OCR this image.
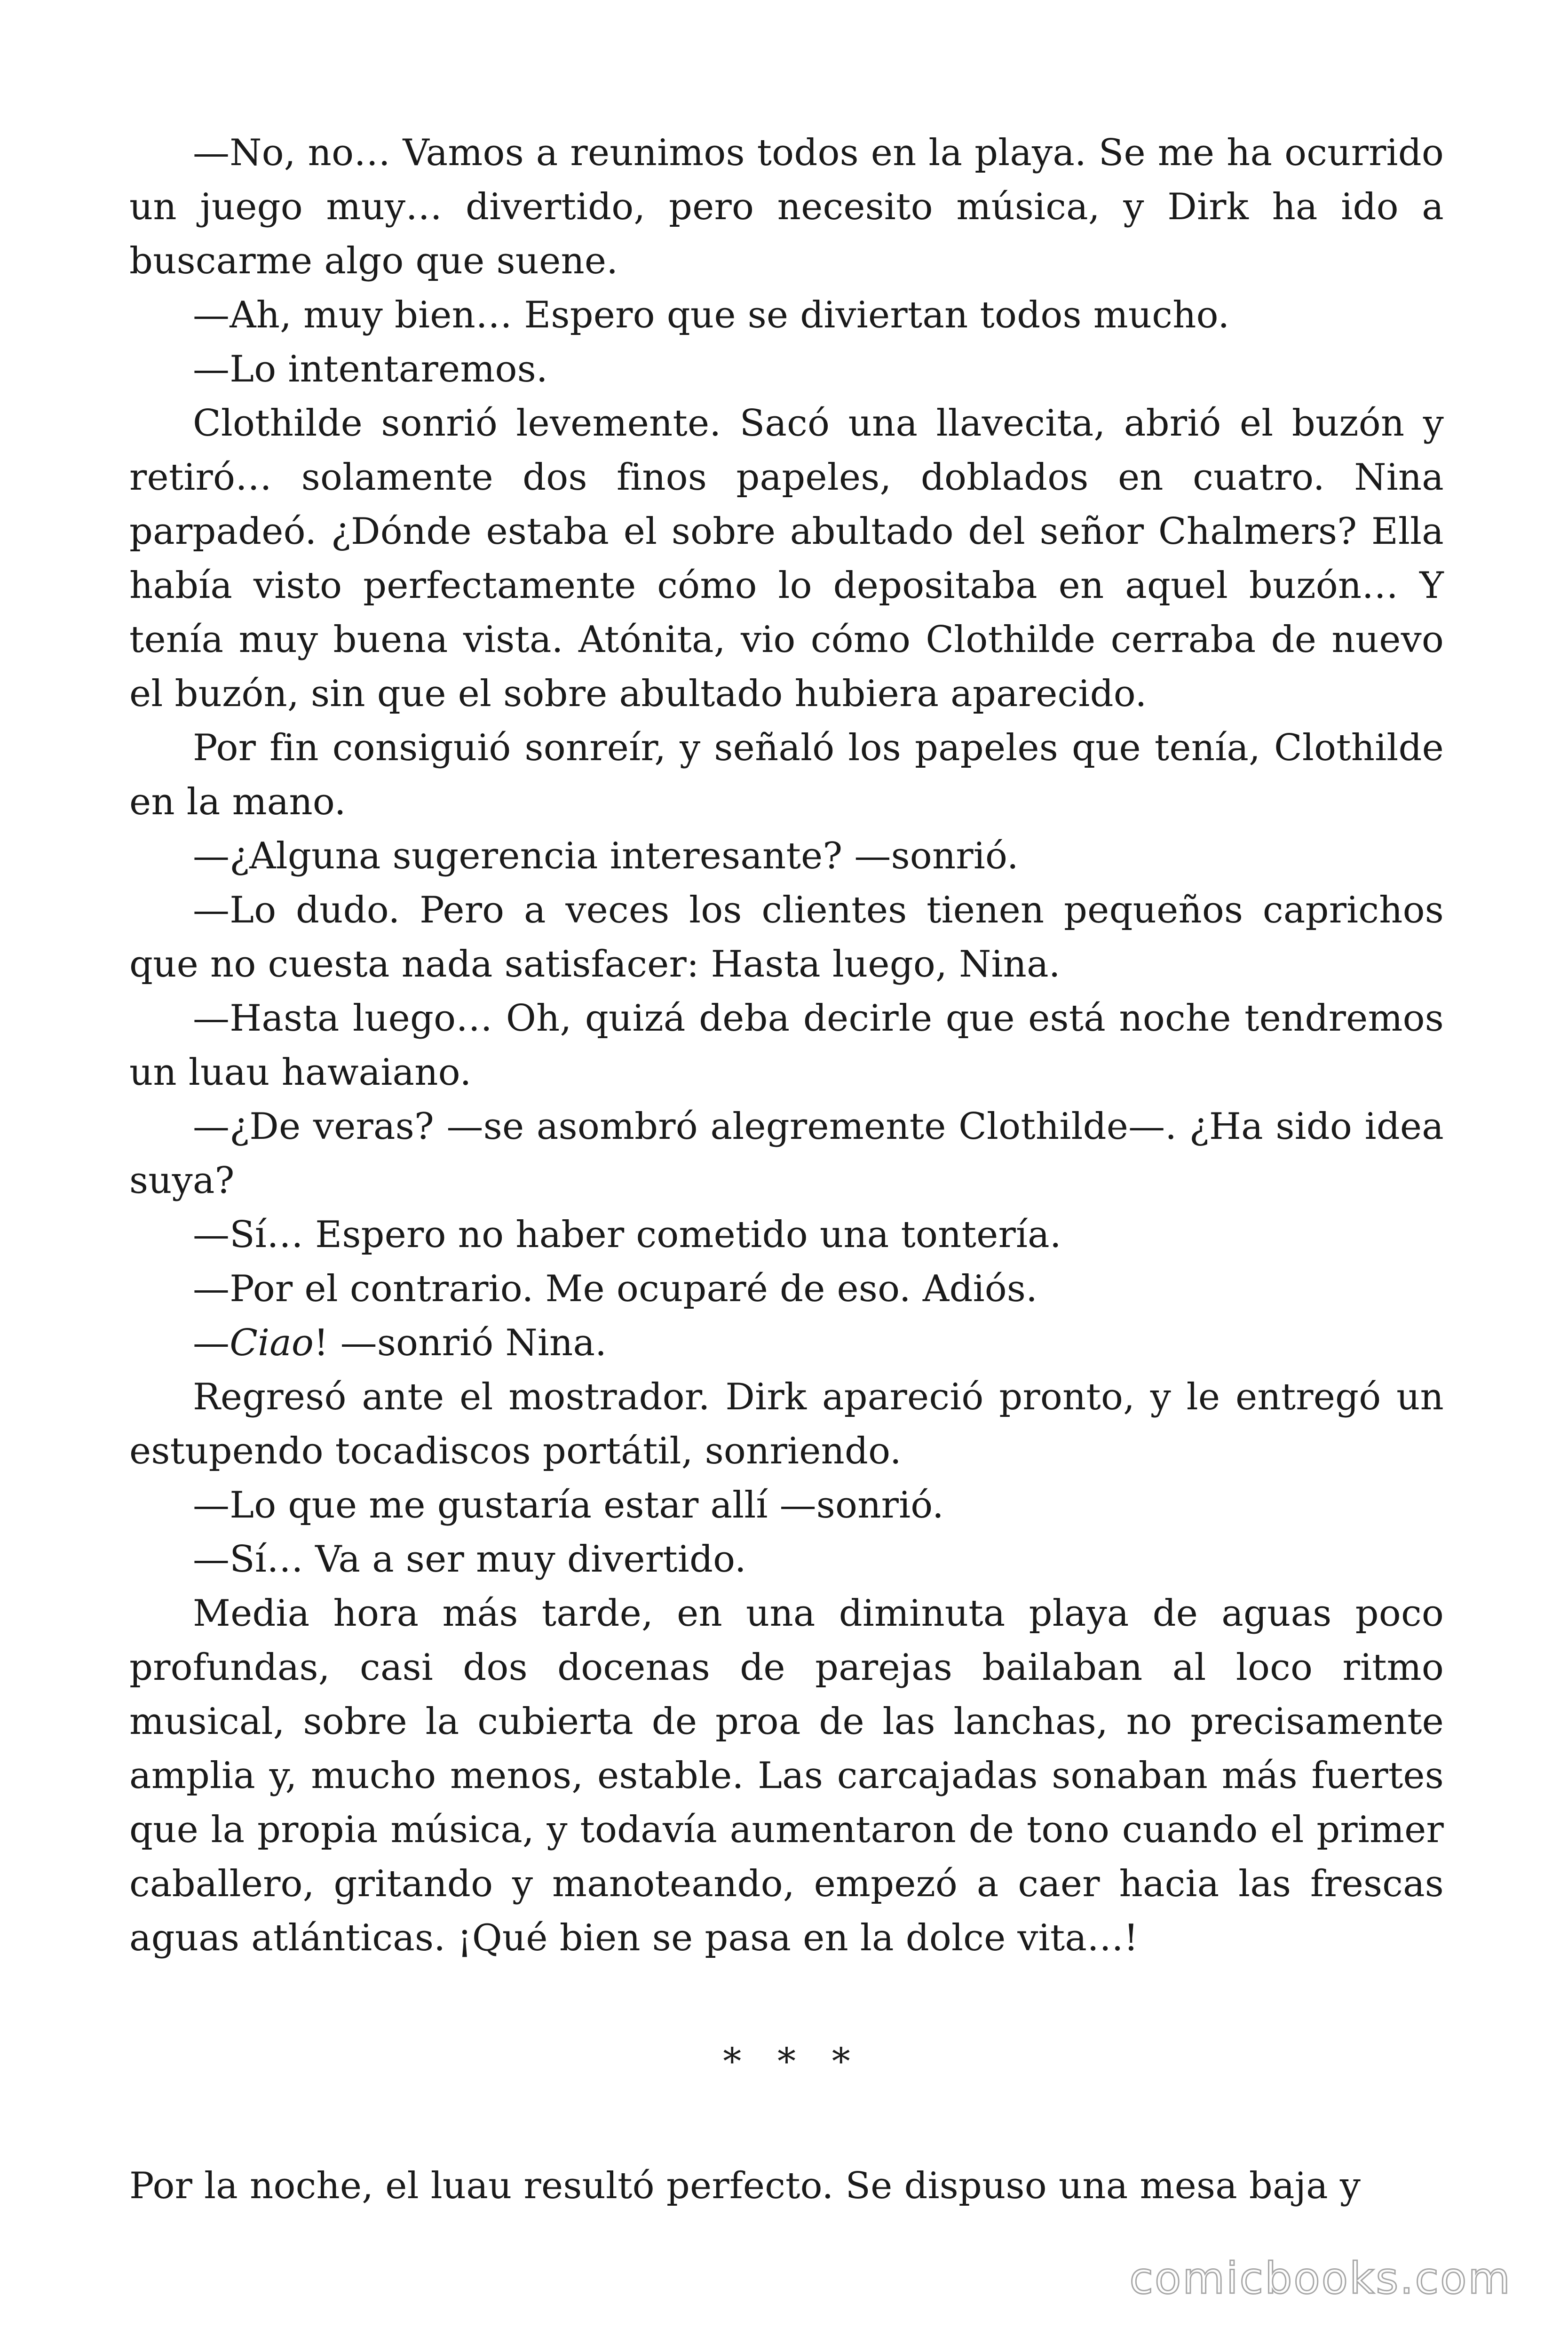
—No, no… Vamos a reunimos todos en la playa. Se me ha ocurrido un juego muy… divertido, pero necesito música, y Dirk ha ido a buscarme algo que suene.

—Ah, muy bien… Espero que se diviertan todos mucho.

—Lo intentaremos.

Clothilde sonrió levemente. Sacó una llavecita, abrió el buzón y retiró… solamente dos finos papeles, doblados en cuatro. Nina parpadeó. ¿Dónde estaba el sobre abultado del señor Chalmers? Ella había visto perfectamente cómo lo depositaba en aquel buzón… Y tenía muy buena vista. Atónita, vio cómo Clothilde cerraba de nuevo el buzón, sin que el sobre abultado hubiera aparecido.

Por fin consiguió sonreír, y señaló los papeles que tenía, Clothilde en la mano.

—¿Alguna sugerencia interesante? —sonrió.

—Lo dudo. Pero a veces los clientes tienen pequeños caprichos que no cuesta nada satisfacer: Hasta luego, Nina.

—Hasta luego… Oh, quizá deba decirle que está noche tendremos un luau hawaiano.

—¿De veras? —se asombró alegremente Clothilde—. ¿Ha sido idea suya?

—Sí… Espero no haber cometido una tontería.

—Por el contrario. Me ocuparé de eso. Adiós.

—Ciao! —sonrió Nina.

Regresó ante el mostrador. Dirk apareció pronto, y le entregó un estupendo tocadiscos portátil, sonriendo.

—Lo que me gustaría estar allí —sonrió.

—Sí… Va a ser muy divertido.

Media hora más tarde, en una diminuta playa de aguas poco profundas, casi dos docenas de parejas bailaban al loco ritmo musical, sobre la cubierta de proa de las lanchas, no precisamente amplia y, mucho menos, estable. Las carcajadas sonaban más fuertes que la propia música, y todavía aumentaron de tono cuando el primer caballero, gritando y manoteando, empezó a caer hacia las frescas aguas atlánticas. ¡Qué bien se pasa en la dolce vita…!

* * *

Por la noche, el luau resultó perfecto. Se dispuso una mesa baja y

comicbooks.com
